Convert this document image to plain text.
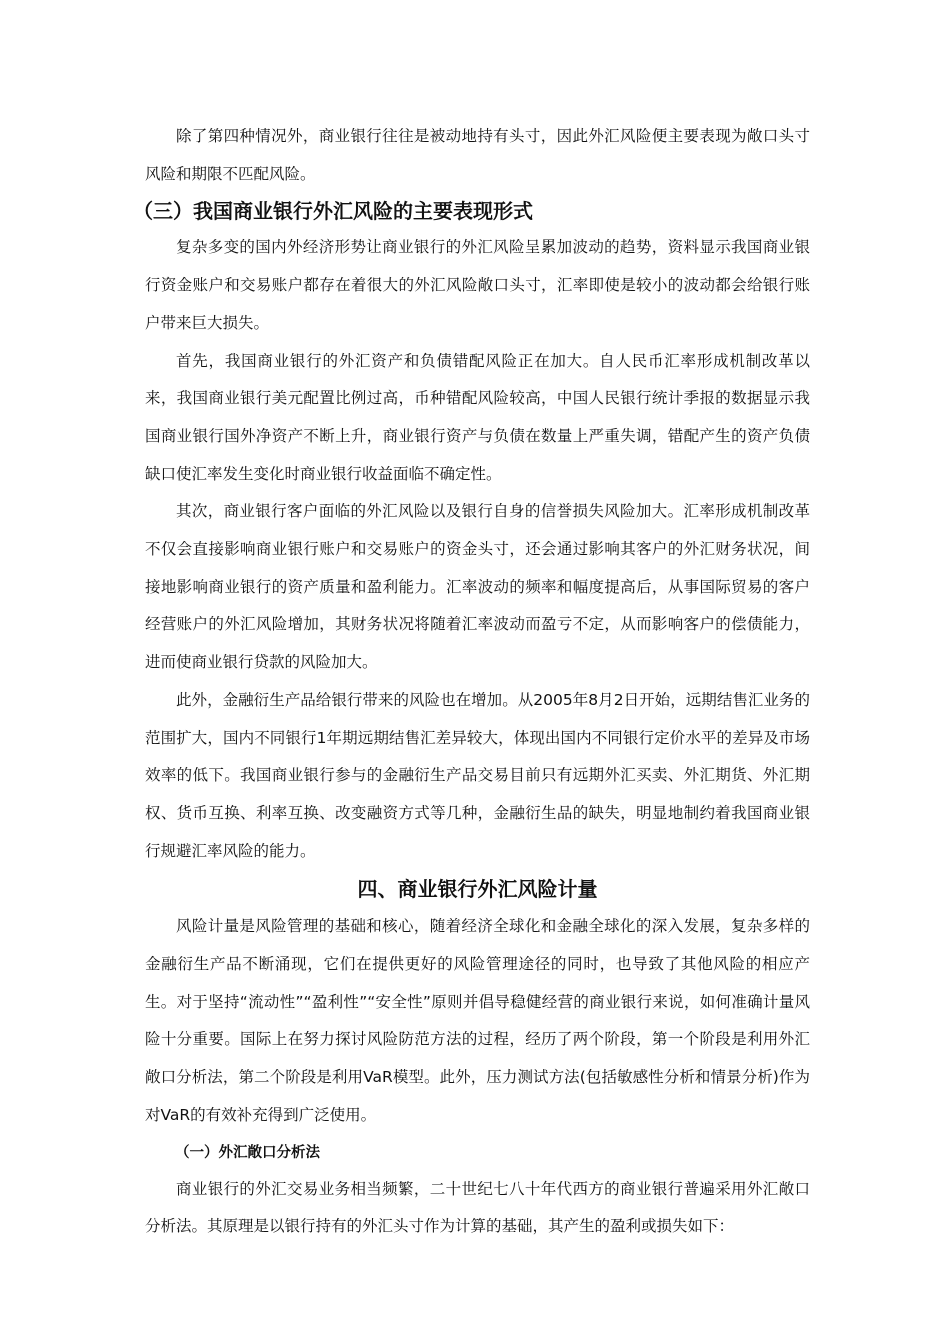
除了第四种情况外，商业银行往往是被动地持有头寸，因此外汇风险便主要表现为敞口头寸风险和期限不匹配风险。

（三）我国商业银行外汇风险的主要表现形式

复杂多变的国内外经济形势让商业银行的外汇风险呈累加波动的趋势，资料显示我国商业银行资金账户和交易账户都存在着很大的外汇风险敞口头寸，汇率即使是较小的波动都会给银行账户带来巨大损失。

首先，我国商业银行的外汇资产和负债错配风险正在加大。自人民币汇率形成机制改革以来，我国商业银行美元配置比例过高，币种错配风险较高，中国人民银行统计季报的数据显示我国商业银行国外净资产不断上升，商业银行资产与负债在数量上严重失调，错配产生的资产负债缺口使汇率发生变化时商业银行收益面临不确定性。

其次，商业银行客户面临的外汇风险以及银行自身的信誉损失风险加大。汇率形成机制改革不仅会直接影响商业银行账户和交易账户的资金头寸，还会通过影响其客户的外汇财务状况，间接地影响商业银行的资产质量和盈利能力。汇率波动的频率和幅度提高后，从事国际贸易的客户经营账户的外汇风险增加，其财务状况将随着汇率波动而盈亏不定，从而影响客户的偿债能力，进而使商业银行贷款的风险加大。

此外，金融衍生产品给银行带来的风险也在增加。从2005年8月2日开始，远期结售汇业务的范围扩大，国内不同银行1年期远期结售汇差异较大，体现出国内不同银行定价水平的差异及市场效率的低下。我国商业银行参与的金融衍生产品交易目前只有远期外汇买卖、外汇期货、外汇期权、货币互换、利率互换、改变融资方式等几种，金融衍生品的缺失，明显地制约着我国商业银行规避汇率风险的能力。

四、商业银行外汇风险计量

风险计量是风险管理的基础和核心，随着经济全球化和金融全球化的深入发展，复杂多样的金融衍生产品不断涌现，它们在提供更好的风险管理途径的同时，也导致了其他风险的相应产生。对于坚持“流动性”“盈利性”“安全性”原则并倡导稳健经营的商业银行来说，如何准确计量风险十分重要。国际上在努力探讨风险防范方法的过程，经历了两个阶段，第一个阶段是利用外汇敞口分析法，第二个阶段是利用VaR模型。此外，压力测试方法(包括敏感性分析和情景分析)作为对VaR的有效补充得到广泛使用。

（一）外汇敞口分析法

商业银行的外汇交易业务相当频繁，二十世纪七八十年代西方的商业银行普遍采用外汇敞口分析法。其原理是以银行持有的外汇头寸作为计算的基础，其产生的盈利或损失如下：
